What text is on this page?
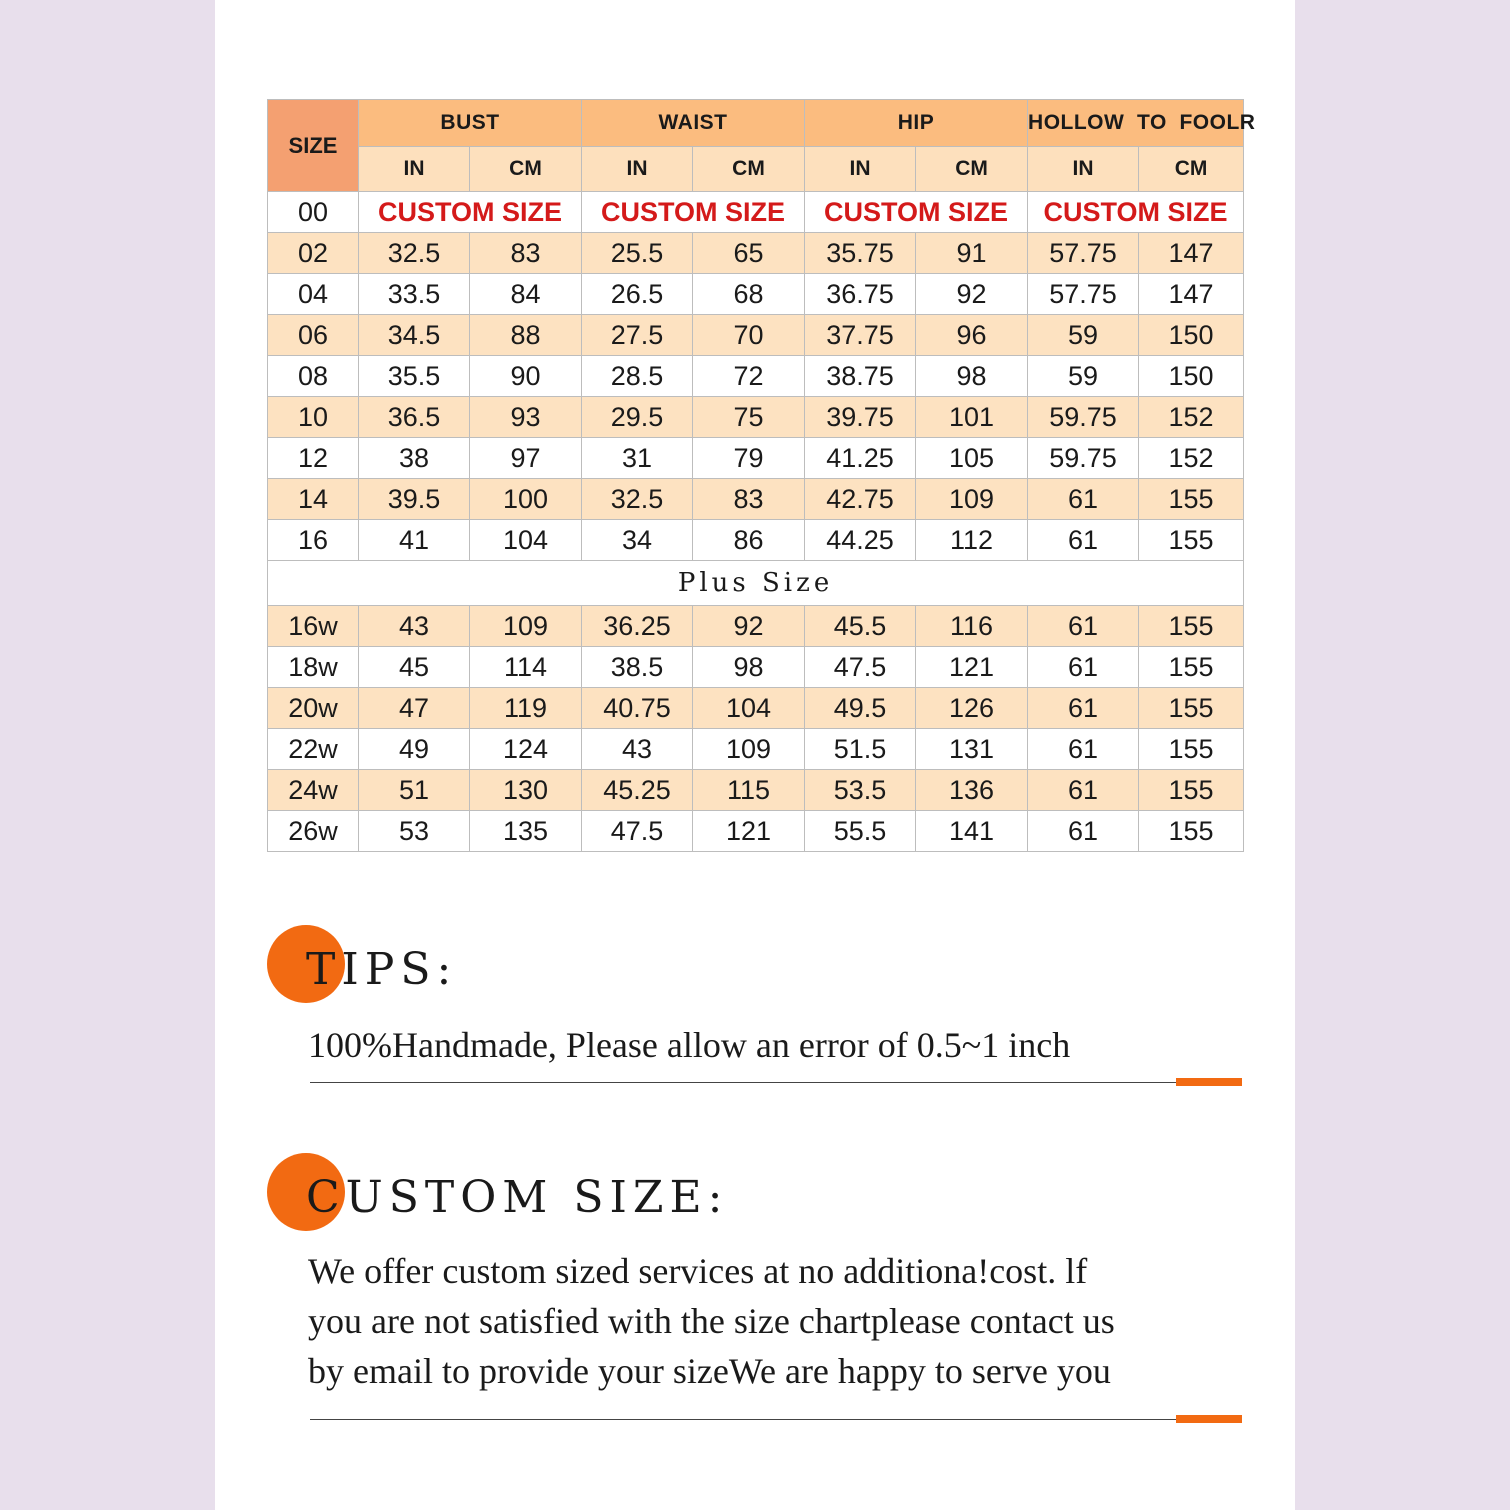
SIZE	BUST		WAIST		HIP		HOLLOW  TO  FOOLR	
	IN	CM	IN	CM	IN	CM	IN	CM
00	CUSTOM SIZE		CUSTOM SIZE		CUSTOM SIZE		CUSTOM SIZE	
02	32.5	83	25.5	65	35.75	91	57.75	147
04	33.5	84	26.5	68	36.75	92	57.75	147
06	34.5	88	27.5	70	37.75	96	59	150
08	35.5	90	28.5	72	38.75	98	59	150
10	36.5	93	29.5	75	39.75	101	59.75	152
12	38	97	31	79	41.25	105	59.75	152
14	39.5	100	32.5	83	42.75	109	61	155
16	41	104	34	86	44.25	112	61	155
Plus Size								
16w	43	109	36.25	92	45.5	116	61	155
18w	45	114	38.5	98	47.5	121	61	155
20w	47	119	40.75	104	49.5	126	61	155
22w	49	124	43	109	51.5	131	61	155
24w	51	130	45.25	115	53.5	136	61	155
26w	53	135	47.5	121	55.5	141	61	155
TIPS:
100%Handmade, Please allow an error of 0.5~1 inch
CUSTOM SIZE:
We offer custom sized services at no additiona!cost. lf
you are not satisfied with the size chartplease contact us
by email to provide your sizeWe are happy to serve you
